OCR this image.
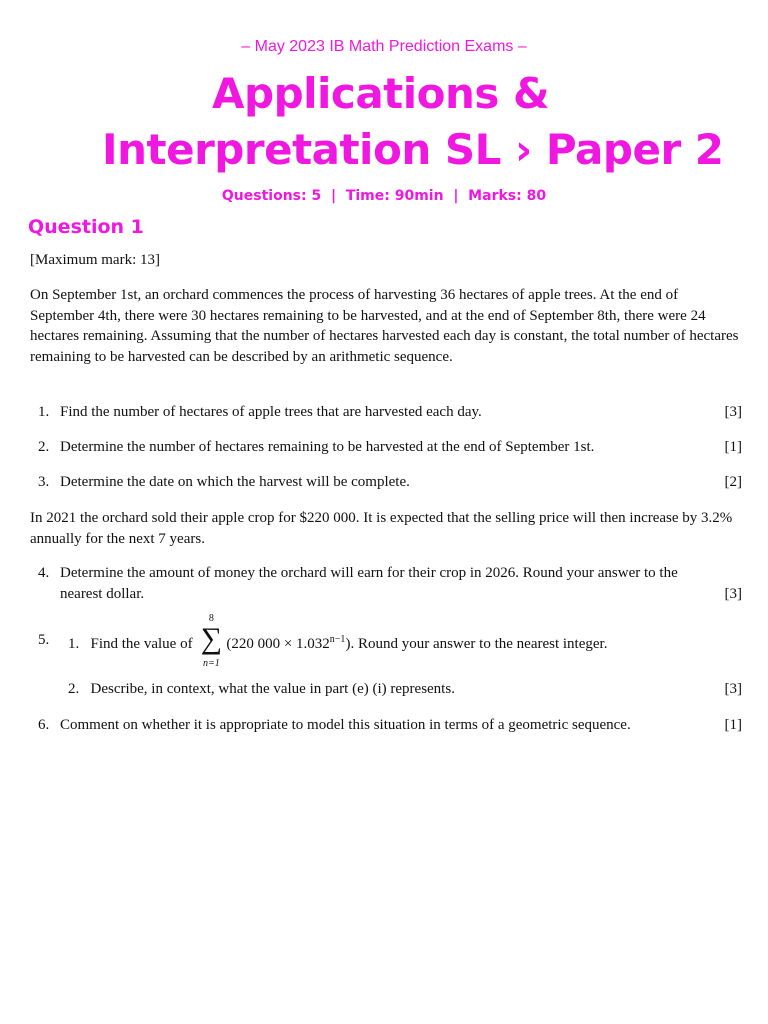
– May 2023 IB Math Prediction Exams –
Applications &
Interpretation SL › Paper 2
Questions: 5  |  Time: 90min  |  Marks: 80
Question 1
[Maximum mark: 13]
On September 1st, an orchard commences the process of harvesting 36 hectares of apple trees. At the end of September 4th, there were 30 hectares remaining to be harvested, and at the end of September 8th, there were 24 hectares remaining. Assuming that the number of hectares harvested each day is constant, the total number of hectares remaining to be harvested can be described by an arithmetic sequence.
1. Find the number of hectares of apple trees that are harvested each day.	[3]
2. Determine the number of hectares remaining to be harvested at the end of September 1st.	[1]
3. Determine the date on which the harvest will be complete.	[2]
In 2021 the orchard sold their apple crop for $220 000. It is expected that the selling price will then increase by 3.2% annually for the next 7 years.
4. Determine the amount of money the orchard will earn for their crop in 2026. Round your answer to the nearest dollar.	[3]
5. 1. Find the value of
8
∑
n=1
(220 $000 \times 1.032^{n-1}$). Round your answer to the nearest integer.
2. Describe, in context, what the value in part (e) (i) represents.	[3]
6. Comment on whether it is appropriate to model this situation in terms of a geometric sequence.	[1]
